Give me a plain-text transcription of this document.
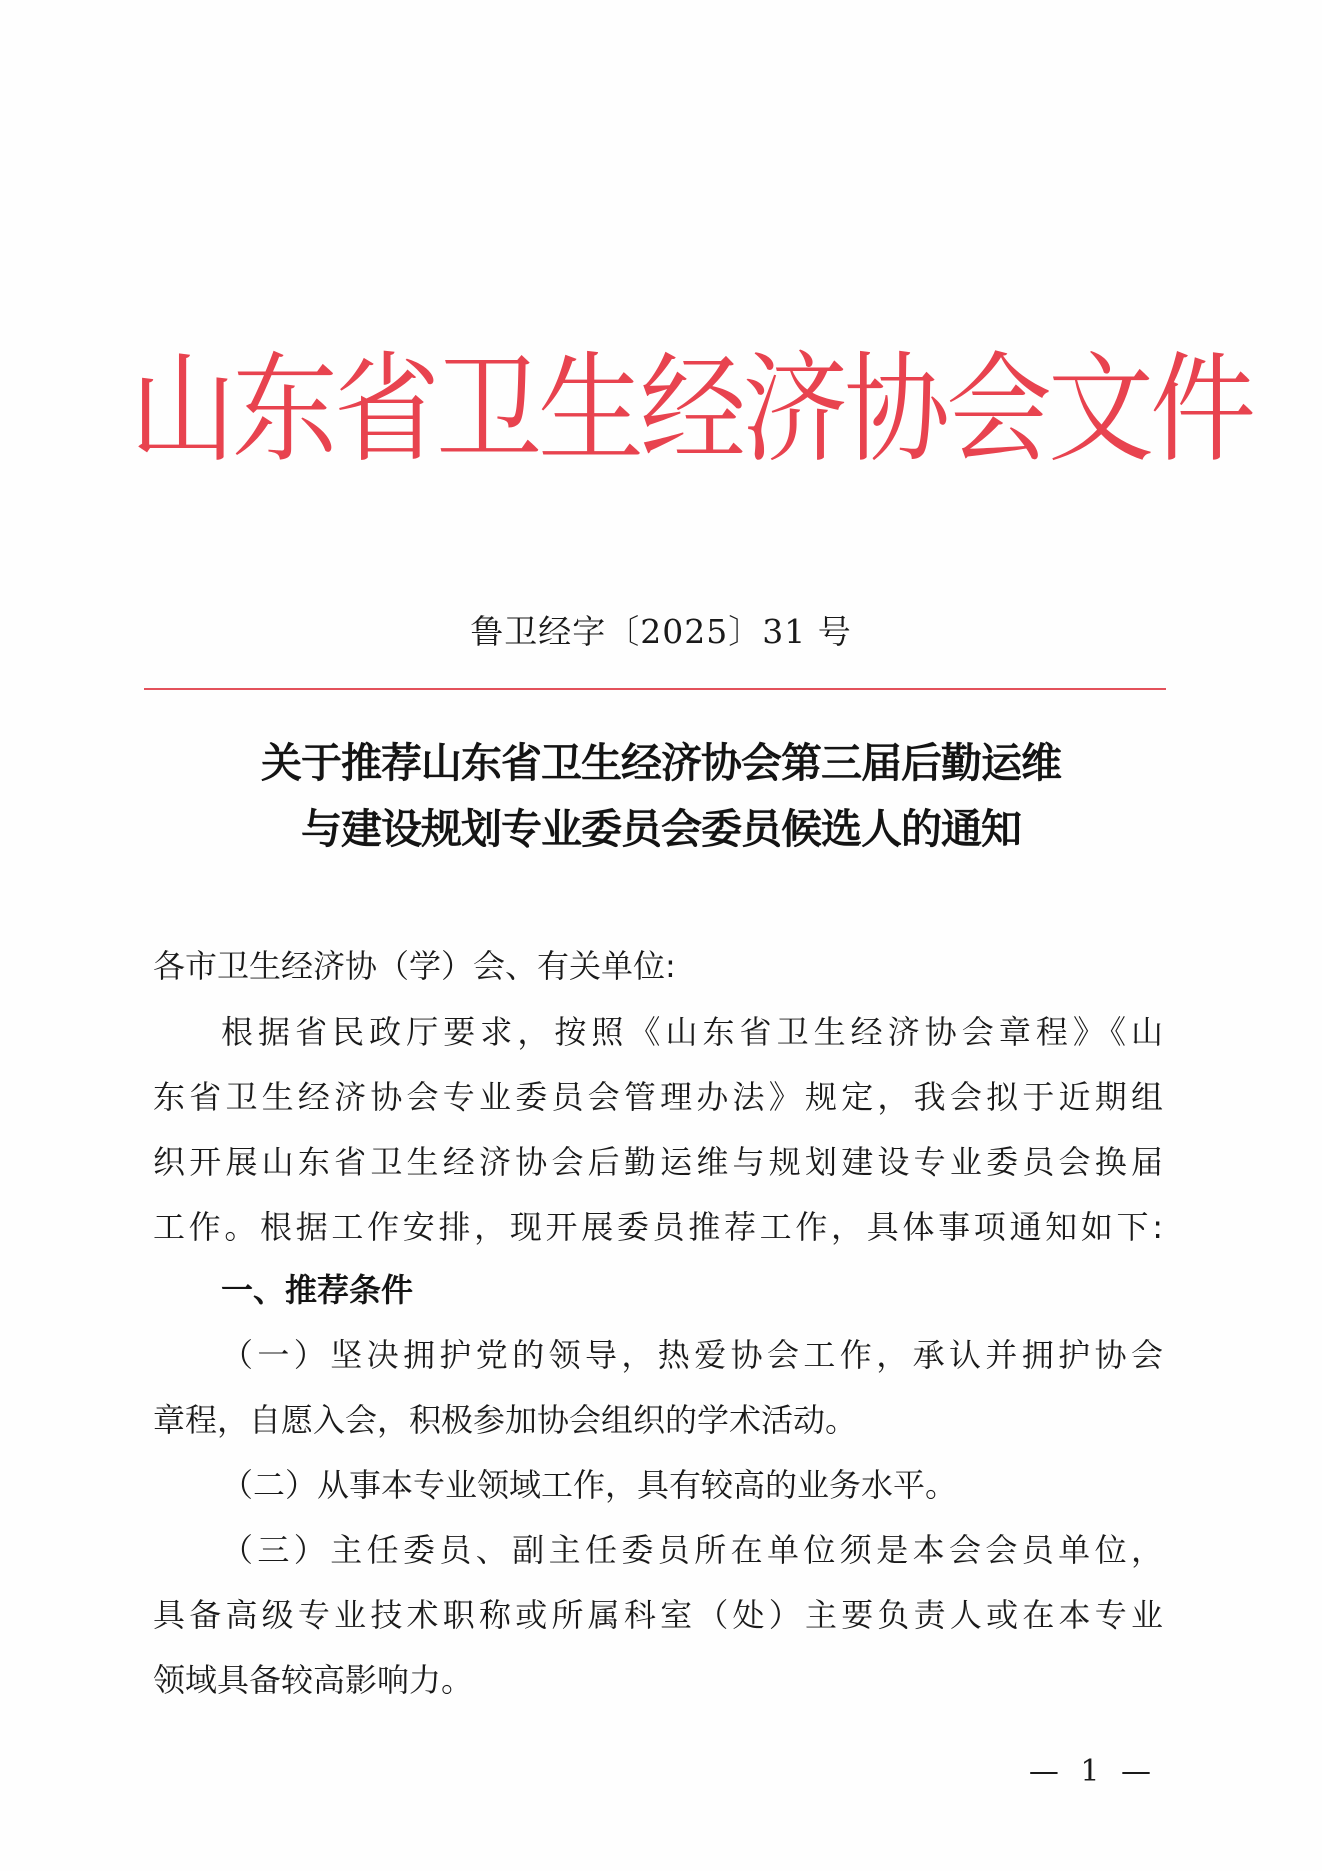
山东省卫生经济协会文件
鲁卫经字〔2025〕31 号
关于推荐山东省卫生经济协会第三届后勤运维
与建设规划专业委员会委员候选人的通知
各市卫生经济协（学）会、有关单位:
根据省民政厅要求，按照《山东省卫生经济协会章程》《山
东省卫生经济协会专业委员会管理办法》规定，我会拟于近期组
织开展山东省卫生经济协会后勤运维与规划建设专业委员会换届
工作。根据工作安排，现开展委员推荐工作，具体事项通知如下:
一、推荐条件
（一）坚决拥护党的领导，热爱协会工作，承认并拥护协会
章程，自愿入会，积极参加协会组织的学术活动。
（二）从事本专业领域工作，具有较高的业务水平。
（三）主任委员、副主任委员所在单位须是本会会员单位，
具备高级专业技术职称或所属科室（处）主要负责人或在本专业
领域具备较高影响力。
— 1 —
